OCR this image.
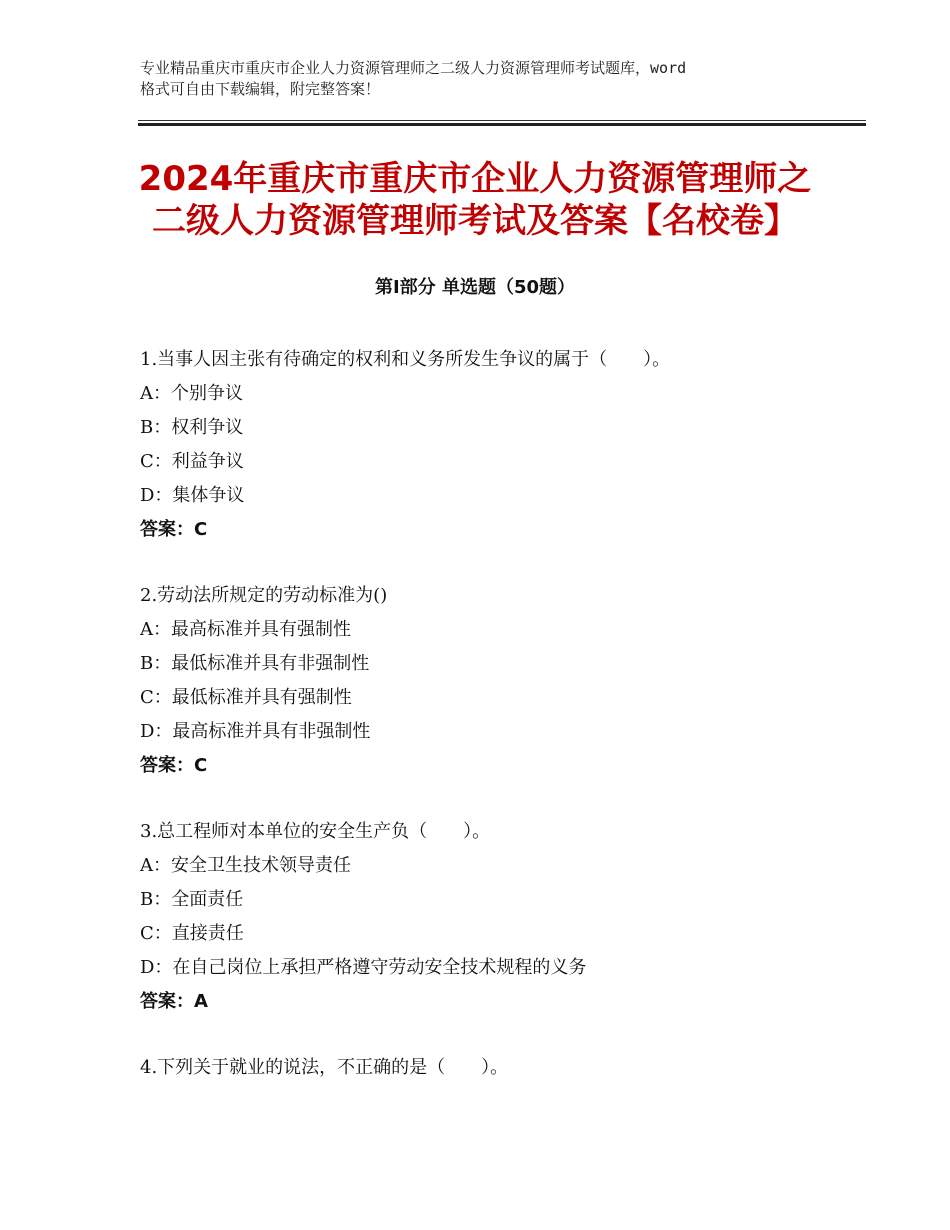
专业精品重庆市重庆市企业人力资源管理师之二级人力资源管理师考试题库，word
格式可自由下载编辑，附完整答案！
2024年重庆市重庆市企业人力资源管理师之
二级人力资源管理师考试及答案【名校卷】
第Ⅰ部分 单选题（50题）
1.当事人因主张有待确定的权利和义务所发生争议的属于（　　）。
A：个别争议
B：权利争议
C：利益争议
D：集体争议
答案：C
2.劳动法所规定的劳动标准为()
A：最高标准并具有强制性
B：最低标准并具有非强制性
C：最低标准并具有强制性
D：最高标准并具有非强制性
答案：C
3.总工程师对本单位的安全生产负（　　）。
A：安全卫生技术领导责任
B：全面责任
C：直接责任
D：在自己岗位上承担严格遵守劳动安全技术规程的义务
答案：A
4.下列关于就业的说法，不正确的是（　　）。
